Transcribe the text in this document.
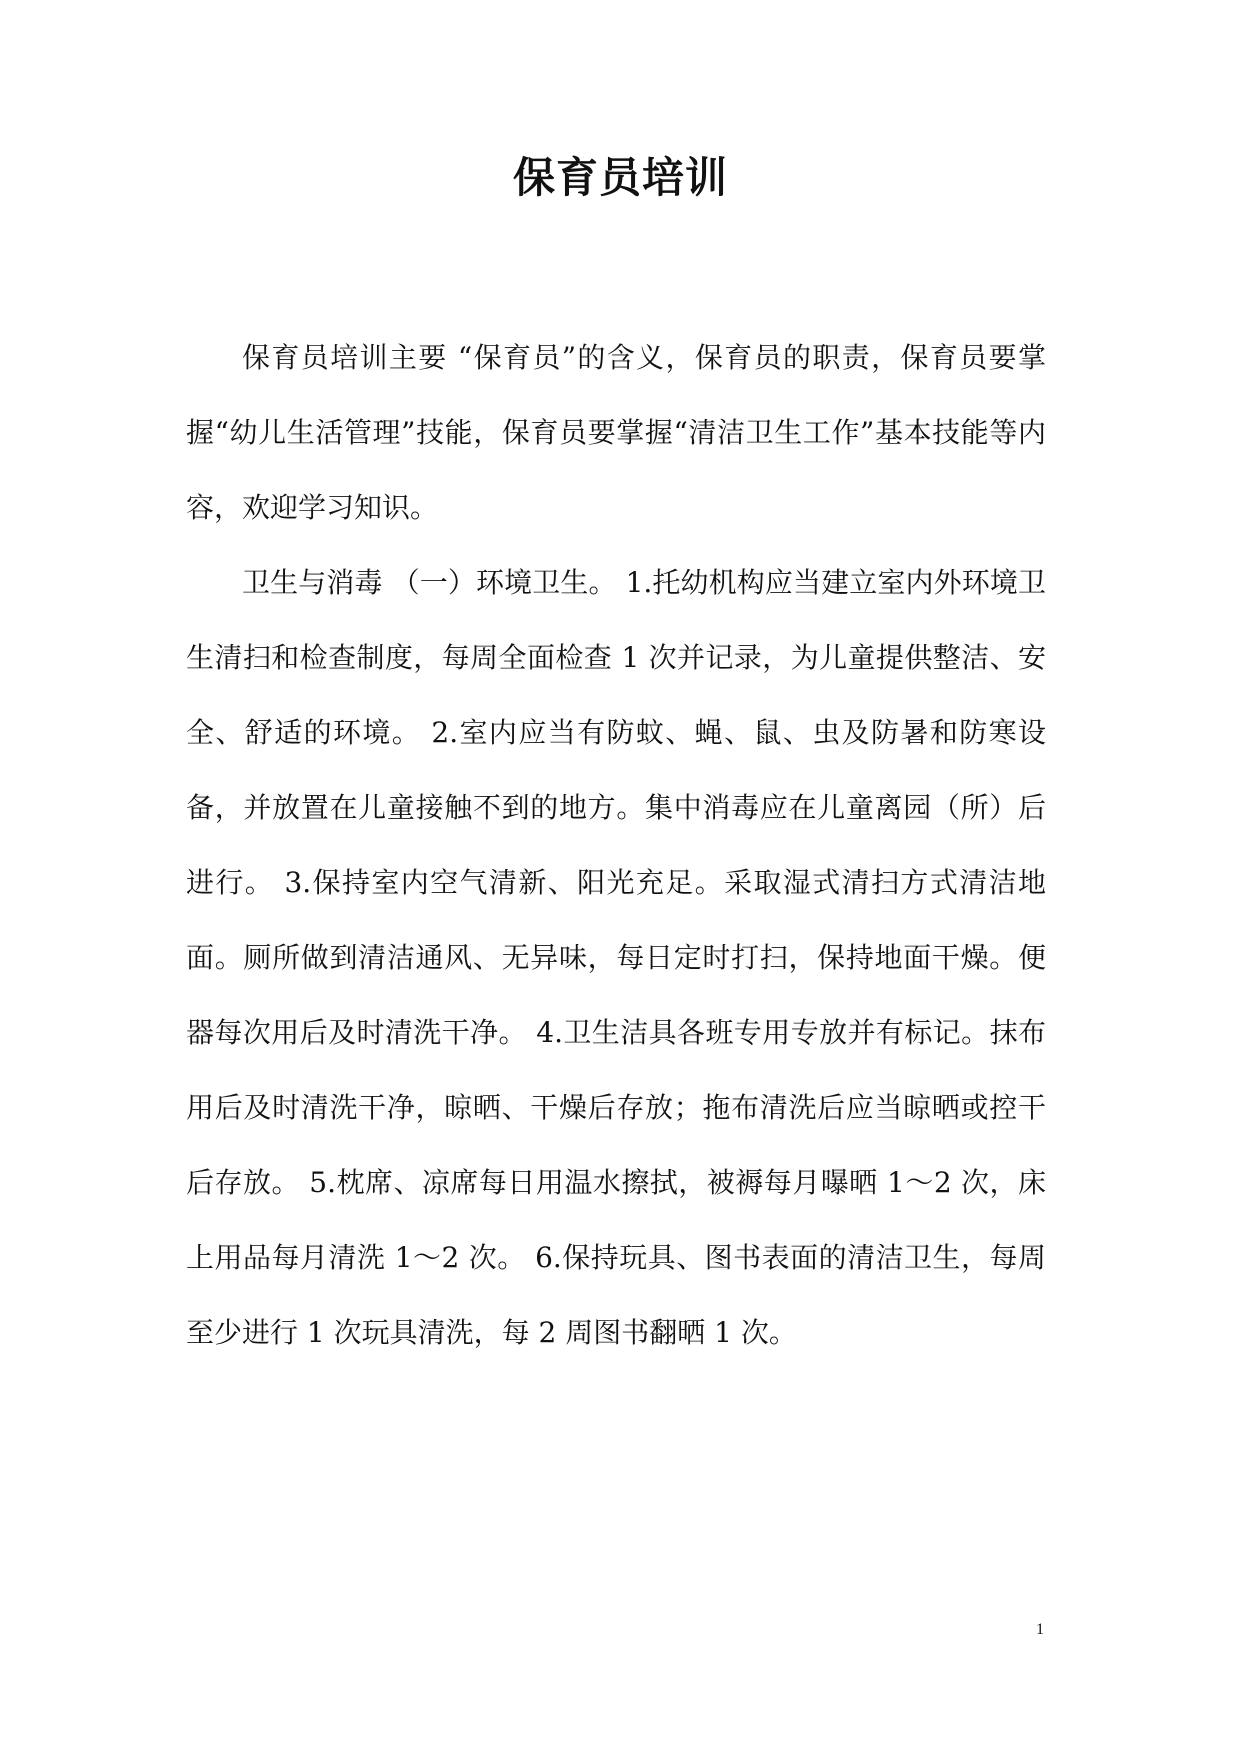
保育员培训

保育员培训主要 “保育员”的含义，保育员的职责，保育员要掌握“幼儿生活管理”技能，保育员要掌握“清洁卫生工作”基本技能等内容，欢迎学习知识。

卫生与消毒 （一）环境卫生。 1.托幼机构应当建立室内外环境卫生清扫和检查制度，每周全面检查 1 次并记录，为儿童提供整洁、安全、舒适的环境。 2.室内应当有防蚊、蝇、鼠、虫及防暑和防寒设备，并放置在儿童接触不到的地方。集中消毒应在儿童离园（所）后进行。 3.保持室内空气清新、阳光充足。采取湿式清扫方式清洁地面。厕所做到清洁通风、无异味，每日定时打扫，保持地面干燥。便器每次用后及时清洗干净。 4.卫生洁具各班专用专放并有标记。抹布用后及时清洗干净，晾晒、干燥后存放；拖布清洗后应当晾晒或控干后存放。 5.枕席、凉席每日用温水擦拭，被褥每月曝晒 1～2 次，床上用品每月清洗 1～2 次。 6.保持玩具、图书表面的清洁卫生，每周至少进行 1 次玩具清洗，每 2 周图书翻晒 1 次。

1
